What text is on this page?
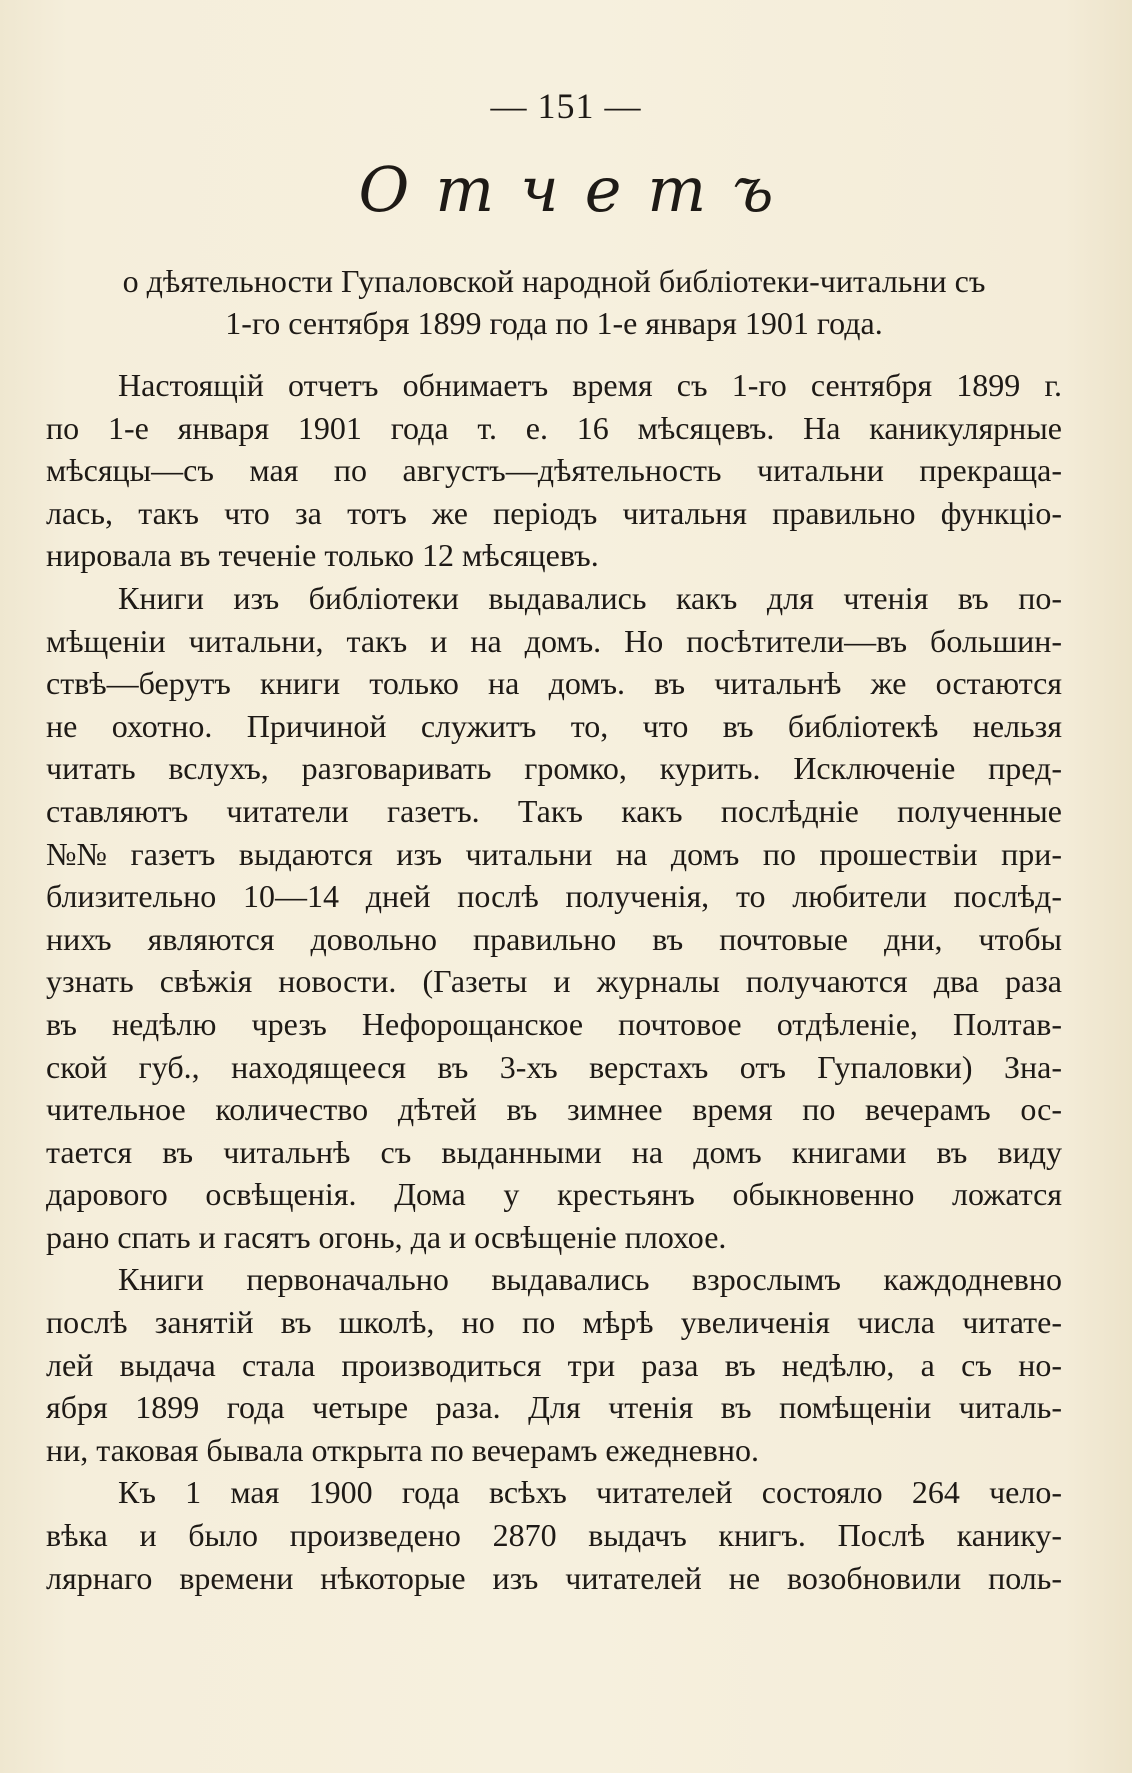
— 151 —
Отчетъ
о дѣятельности Гупаловской народной библіотеки-читальни съ
1-го сентября 1899 года по 1-е января 1901 года.

Настоящій отчетъ обнимаетъ время съ 1-го сентября 1899 г.
по 1-е января 1901 года т. е. 16 мѣсяцевъ. На каникулярные
мѣсяцы—съ мая по августъ—дѣятельность читальни прекраща-
лась, такъ что за тотъ же періодъ читальня правильно функціо-
нировала въ теченіе только 12 мѣсяцевъ.

Книги изъ библіотеки выдавались какъ для чтенія въ по-
мѣщеніи читальни, такъ и на домъ. Но посѣтители—въ большин-
ствѣ—берутъ книги только на домъ. въ читальнѣ же остаются
не охотно. Причиной служитъ то, что въ библіотекѣ нельзя
читать вслухъ, разговаривать громко, курить. Исключеніе пред-
ставляютъ читатели газетъ. Такъ какъ послѣдніе полученные
№№ газетъ выдаются изъ читальни на домъ по прошествіи при-
близительно 10—14 дней послѣ полученія, то любители послѣд-
нихъ являются довольно правильно въ почтовые дни, чтобы
узнать свѣжія новости. (Газеты и журналы получаются два раза
въ недѣлю чрезъ Нефорощанское почтовое отдѣленіе, Полтав-
ской губ., находящееся въ 3-хъ верстахъ отъ Гупаловки) Зна-
чительное количество дѣтей въ зимнее время по вечерамъ ос-
тается въ читальнѣ съ выданными на домъ книгами въ виду
дарового освѣщенія. Дома у крестьянъ обыкновенно ложатся
рано спать и гасятъ огонь, да и освѣщеніе плохое.

Книги первоначально выдавались взрослымъ каждодневно
послѣ занятій въ школѣ, но по мѣрѣ увеличенія числа читате-
лей выдача стала производиться три раза въ недѣлю, а съ но-
ября 1899 года четыре раза. Для чтенія въ помѣщеніи читаль-
ни, таковая бывала открыта по вечерамъ ежедневно.

Къ 1 мая 1900 года всѣхъ читателей состояло 264 чело-
вѣка и было произведено 2870 выдачъ книгъ. Послѣ канику-
лярнаго времени нѣкоторые изъ читателей не возобновили поль-
